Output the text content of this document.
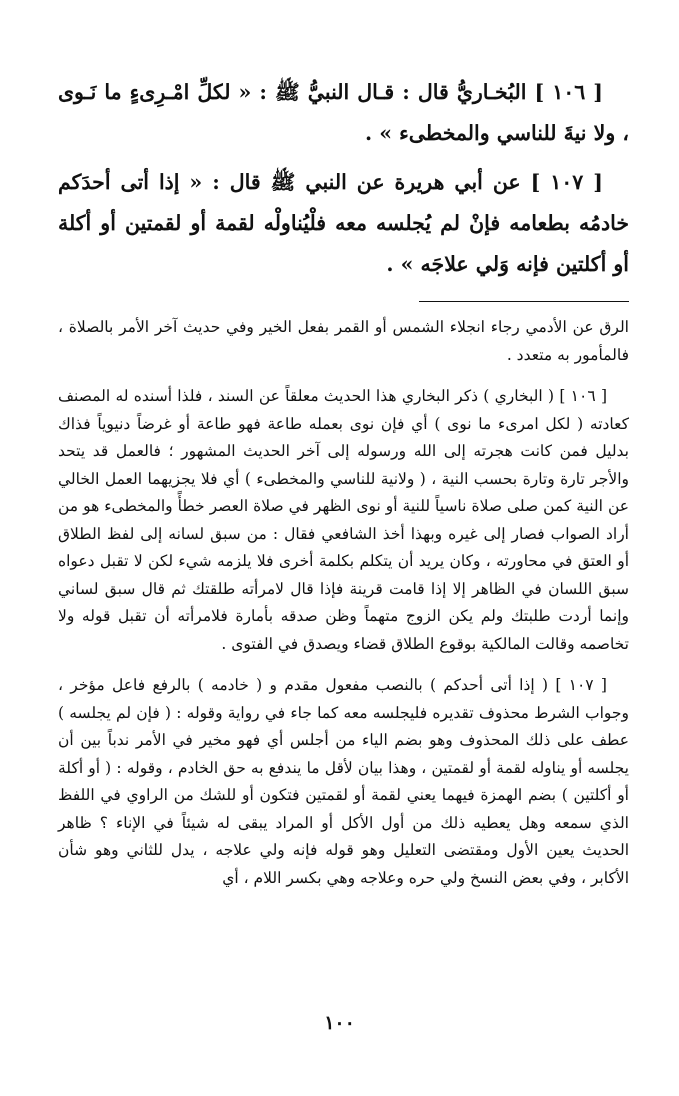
[ ١٠٦ ] البُخـاريُّ قال : قـال النبيُّ ﷺ : « لكلِّ امْـرِىءٍ ما نَـوى ، ولا نيةَ للناسي والمخطىء » .

[ ١٠٧ ] عن أبي هريرة عن النبي ﷺ قال : « إذا أتى أحدَكم خادمُه بطعامه فإنْ لم يُجلسه معه فلْيُناولْه لقمة أو لقمتين أو أكلة أو أكلتين فإنه وَلي علاجَه » .

الرق عن الأدمي رجاء انجلاء الشمس أو القمر بفعل الخير وفي حديث آخر الأمر بالصلاة ، فالمأمور به متعدد .

[ ١٠٦ ] ( البخاري ) ذكر البخاري هذا الحديث معلقاً عن السند ، فلذا أسنده له المصنف كعادته ( لكل امرىء ما نوى ) أي فإن نوى بعمله طاعة فهو طاعة أو غرضاً دنيوياً فذاك بدليل فمن كانت هجرته إلى الله ورسوله إلى آخر الحديث المشهور ؛ فالعمل قد يتحد والأجر تارة وتارة بحسب النية ، ( ولانية للناسي والمخطىء ) أي فلا يجزيهما العمل الخالي عن النية كمن صلى صلاة ناسياً للنية أو نوى الظهر في صلاة العصر خطأً والمخطىء هو من أراد الصواب فصار إلى غيره وبهذا أخذ الشافعي فقال : من سبق لسانه إلى لفظ الطلاق أو العتق في محاورته ، وكان يريد أن يتكلم بكلمة أخرى فلا يلزمه شيء لكن لا تقبل دعواه سبق اللسان في الظاهر إلا إذا قامت قرينة فإذا قال لامرأته طلقتك ثم قال سبق لساني وإنما أردت طلبتك ولم يكن الزوج متهماً وظن صدقه بأمارة فلامرأته أن تقبل قوله ولا تخاصمه وقالت المالكية بوقوع الطلاق قضاء ويصدق في الفتوى .

[ ١٠٧ ] ( إذا أتى أحدكم ) بالنصب مفعول مقدم و ( خادمه ) بالرفع فاعل مؤخر ، وجواب الشرط محذوف تقديره فليجلسه معه كما جاء في رواية وقوله : ( فإن لم يجلسه ) عطف على ذلك المحذوف وهو بضم الياء من أجلس أي فهو مخير في الأمر ندباً بين أن يجلسه أو يناوله لقمة أو لقمتين ، وهذا بيان لأقل ما يندفع به حق الخادم ، وقوله : ( أو أكلة أو أكلتين ) بضم الهمزة فيهما يعني لقمة أو لقمتين فتكون أو للشك من الراوي في اللفظ الذي سمعه وهل يعطيه ذلك من أول الأكل أو المراد يبقى له شيئاً في الإناء ؟ ظاهر الحديث يعين الأول ومقتضى التعليل وهو قوله فإنه ولي علاجه ، يدل للثاني وهو شأن الأكابر ، وفي بعض النسخ ولي حره وعلاجه وهي بكسر اللام ، أي

١٠٠
